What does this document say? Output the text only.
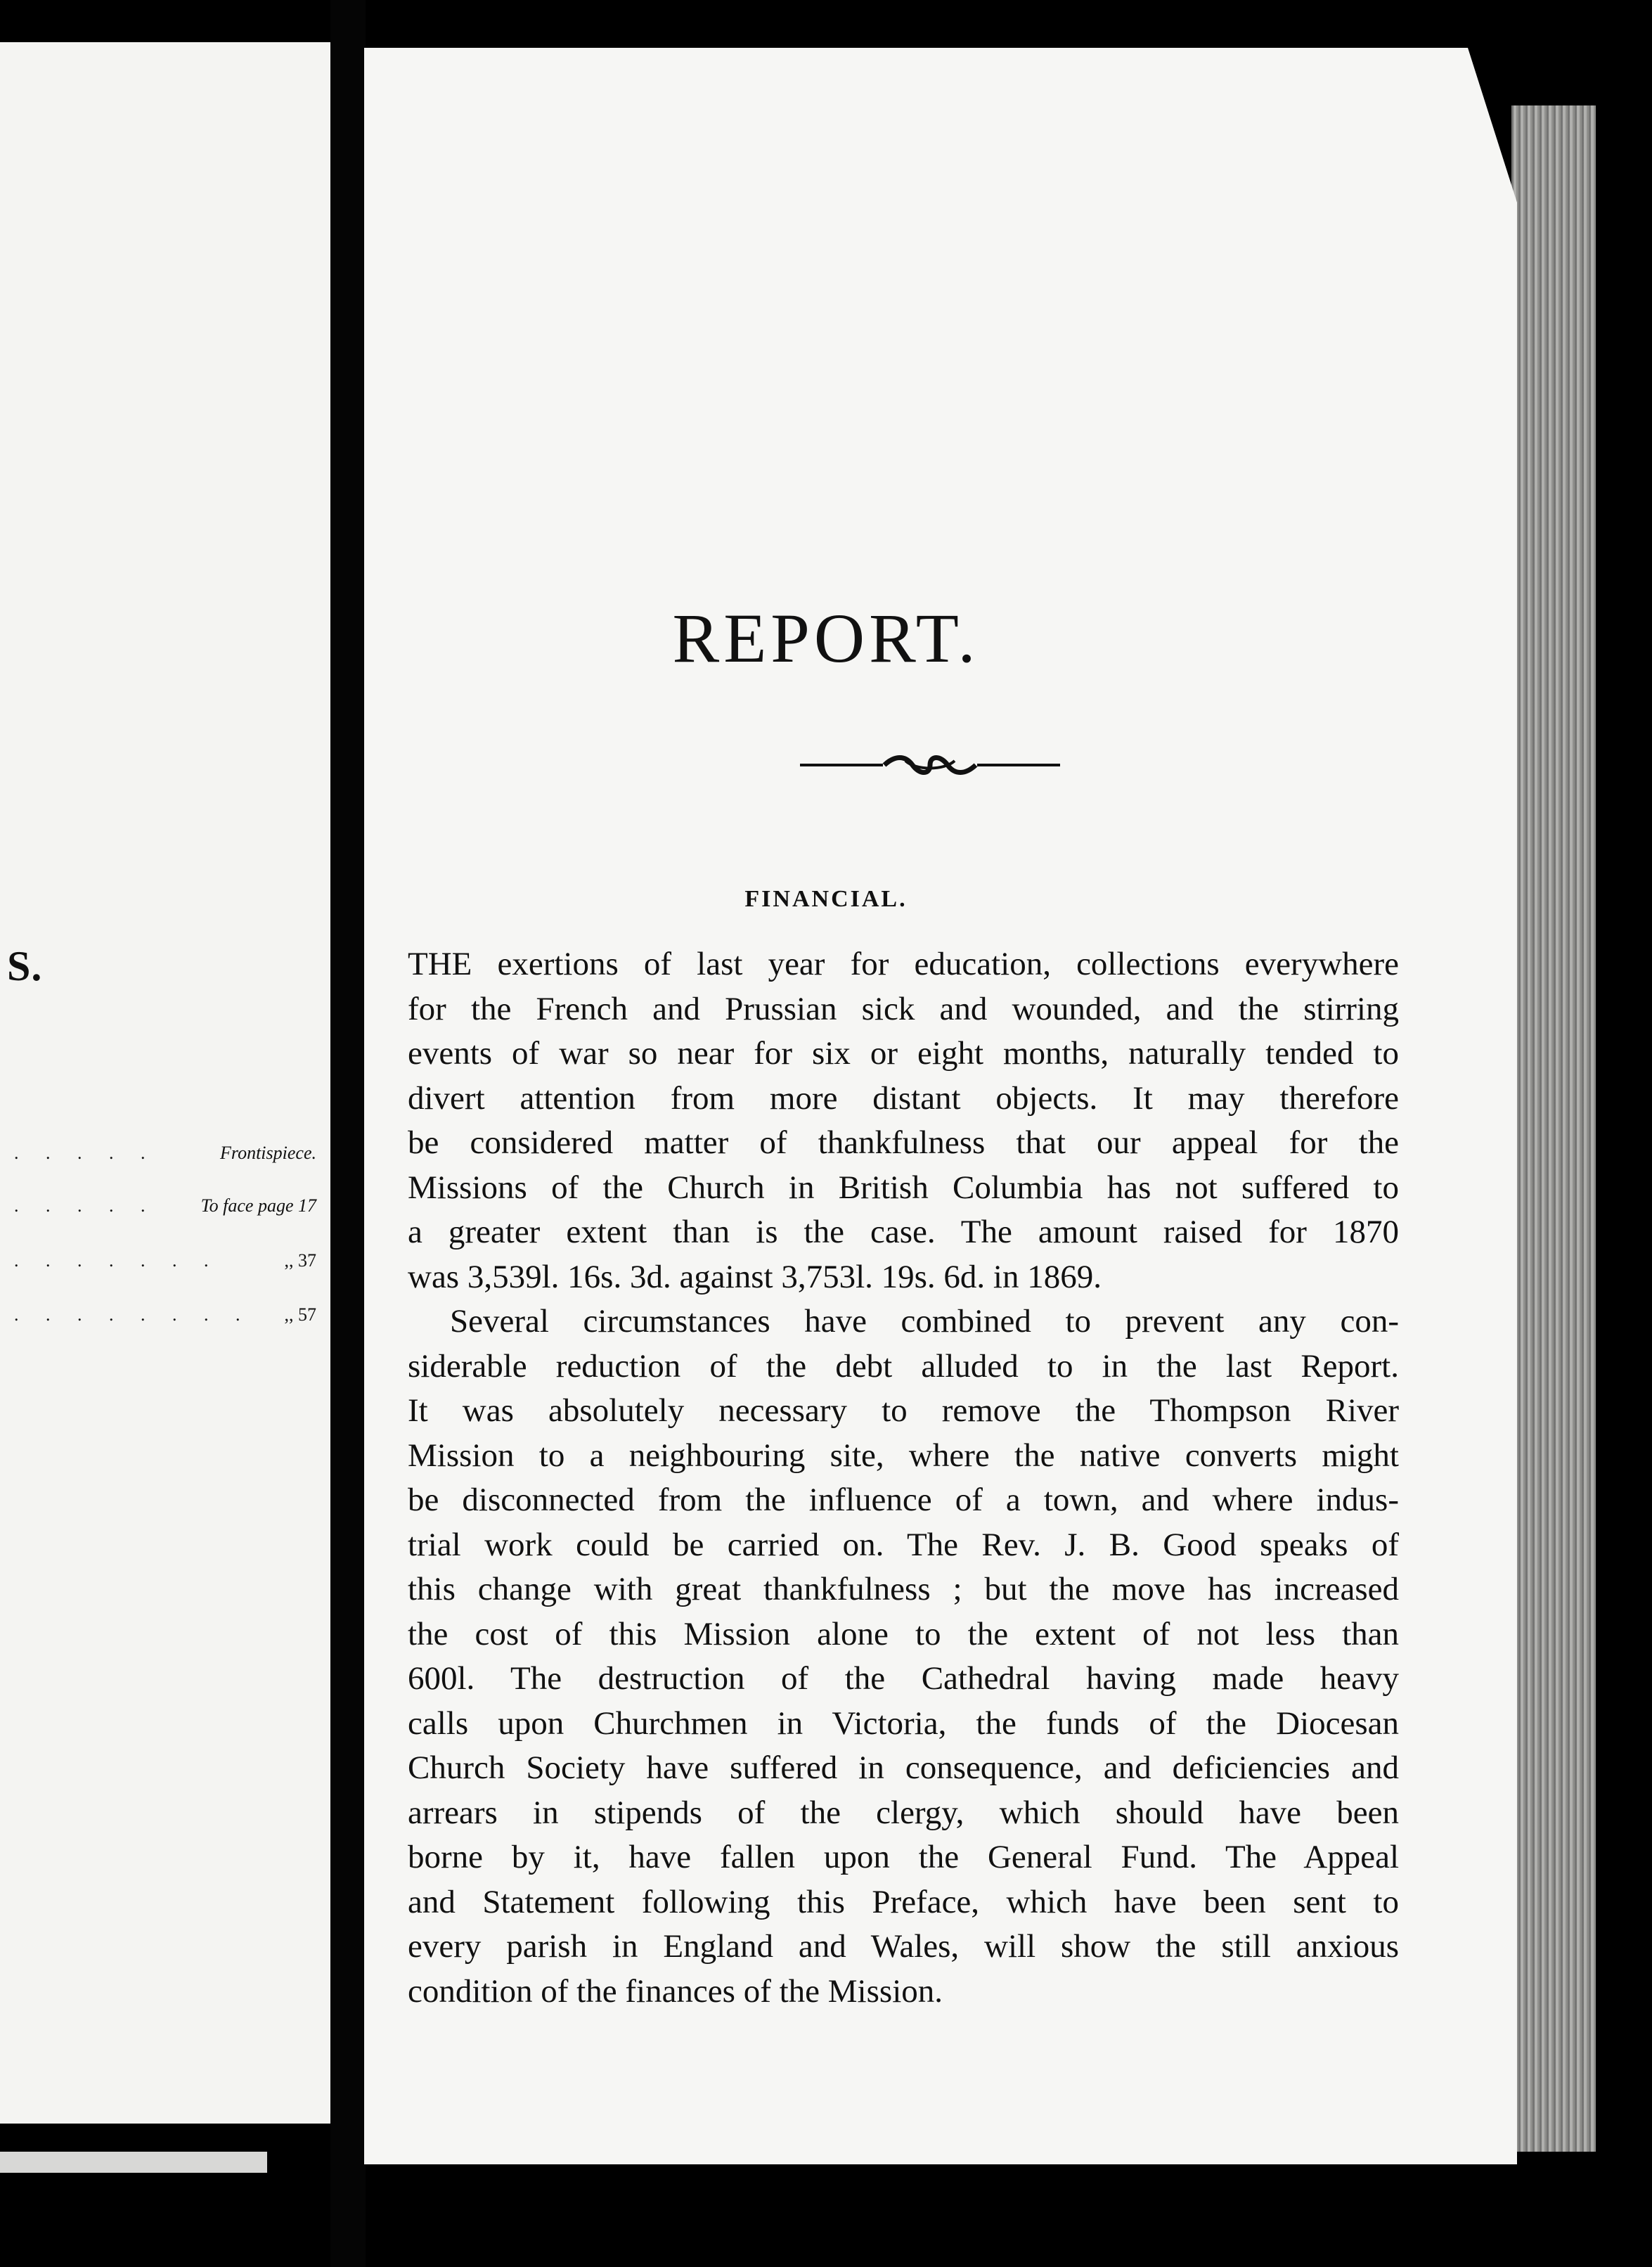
S.
. . . . .	Frontispiece.
. . . . . To face page 17
. . . . . . .	,, 37
. . . . . . . . ,, 57
REPORT.
FINANCIAL.

THE exertions of last year for education, collections everywhere
for the French and Prussian sick and wounded, and the stirring
events of war so near for six or eight months, naturally tended to
divert attention from more distant objects. It may therefore
be considered matter of thankfulness that our appeal for the
Missions of the Church in British Columbia has not suffered to
a greater extent than is the case. The amount raised for 1870
was 3,539l. 16s. 3d. against 3,753l. 19s. 6d. in 1869.

Several circumstances have combined to prevent any con-
siderable reduction of the debt alluded to in the last Report.
It was absolutely necessary to remove the Thompson River
Mission to a neighbouring site, where the native converts might
be disconnected from the influence of a town, and where indus-
trial work could be carried on. The Rev. J. B. Good speaks of
this change with great thankfulness ; but the move has increased
the cost of this Mission alone to the extent of not less than
600l. The destruction of the Cathedral having made heavy
calls upon Churchmen in Victoria, the funds of the Diocesan
Church Society have suffered in consequence, and deficiencies and
arrears in stipends of the clergy, which should have been
borne by it, have fallen upon the General Fund. The Appeal
and Statement following this Preface, which have been sent to
every parish in England and Wales, will show the still anxious
condition of the finances of the Mission.
